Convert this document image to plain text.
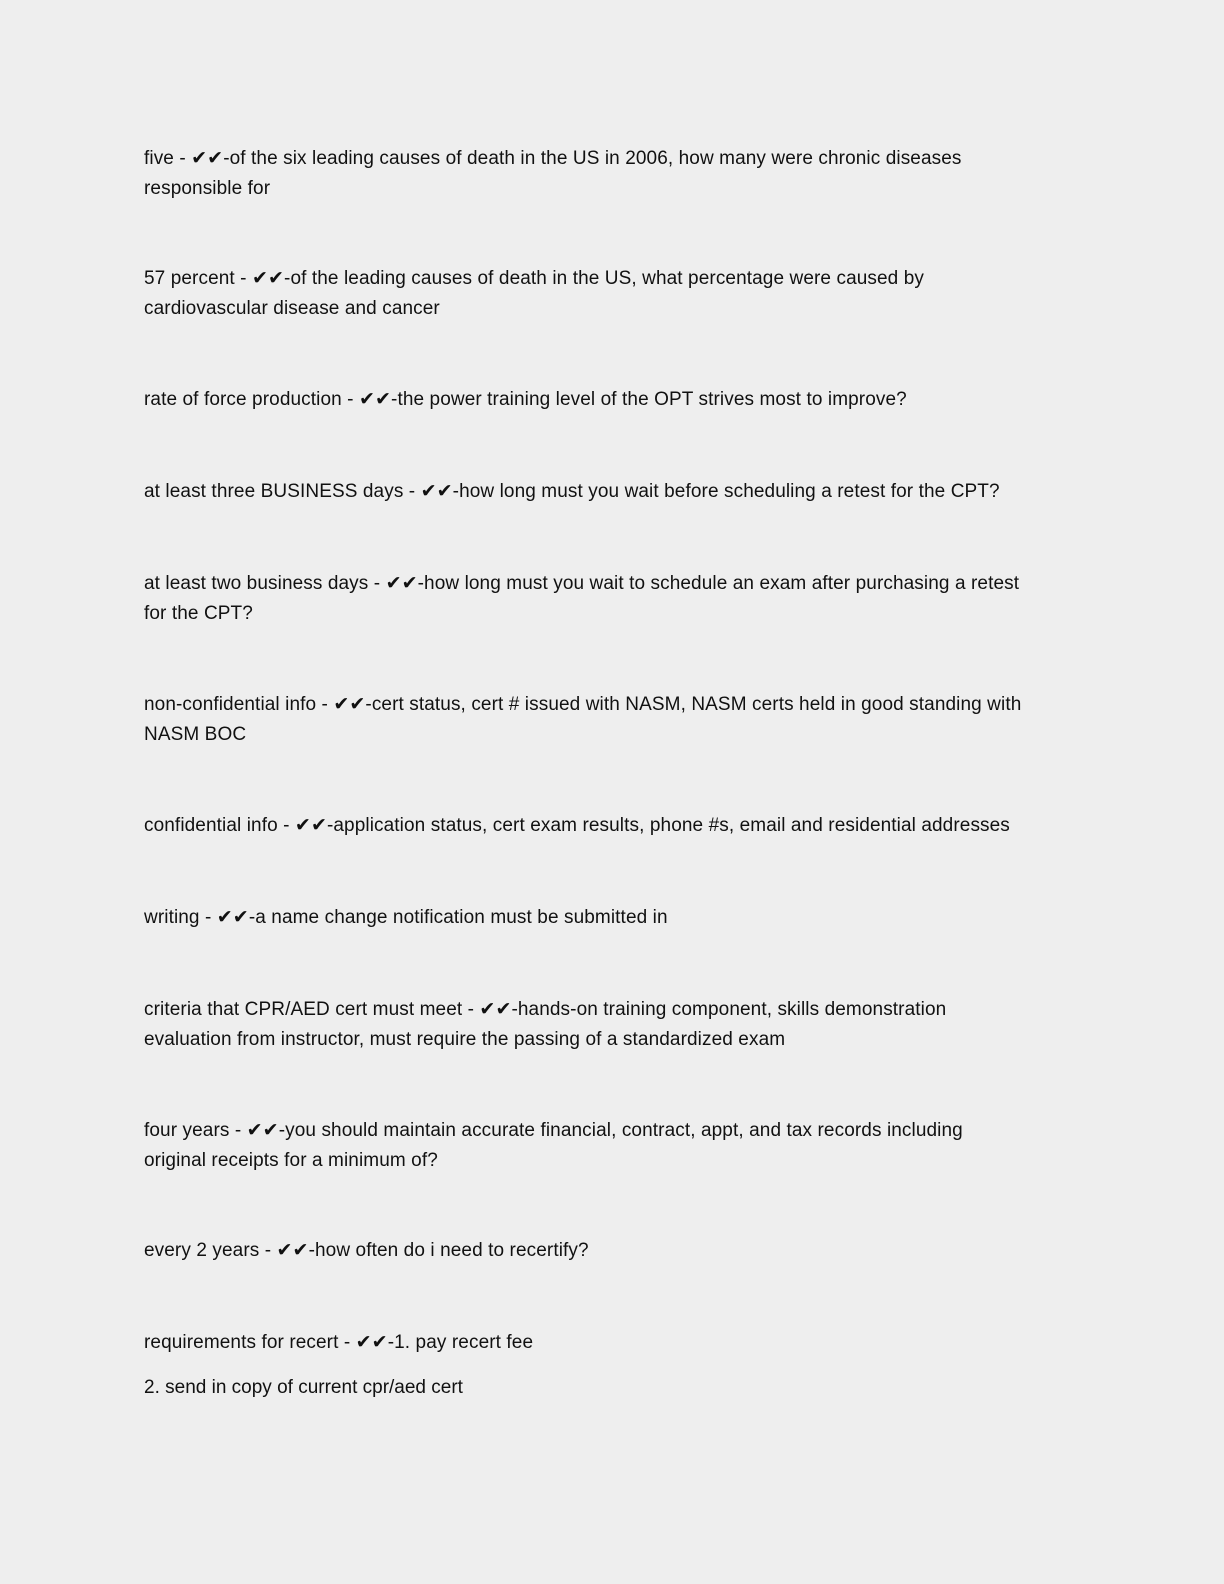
five - ✔✔-of the six leading causes of death in the US in 2006, how many were chronic diseases
responsible for
57 percent - ✔✔-of the leading causes of death in the US, what percentage were caused by
cardiovascular disease and cancer
rate of force production - ✔✔-the power training level of the OPT strives most to improve?
at least three BUSINESS days - ✔✔-how long must you wait before scheduling a retest for the CPT?
at least two business days - ✔✔-how long must you wait to schedule an exam after purchasing a retest
for the CPT?
non-confidential info - ✔✔-cert status, cert # issued with NASM, NASM certs held in good standing with
NASM BOC
confidential info - ✔✔-application status, cert exam results, phone #s, email and residential addresses
writing - ✔✔-a name change notification must be submitted in
criteria that CPR/AED cert must meet - ✔✔-hands-on training component, skills demonstration
evaluation from instructor, must require the passing of a standardized exam
four years - ✔✔-you should maintain accurate financial, contract, appt, and tax records including
original receipts for a minimum of?
every 2 years - ✔✔-how often do i need to recertify?
requirements for recert - ✔✔-1. pay recert fee
2. send in copy of current cpr/aed cert
